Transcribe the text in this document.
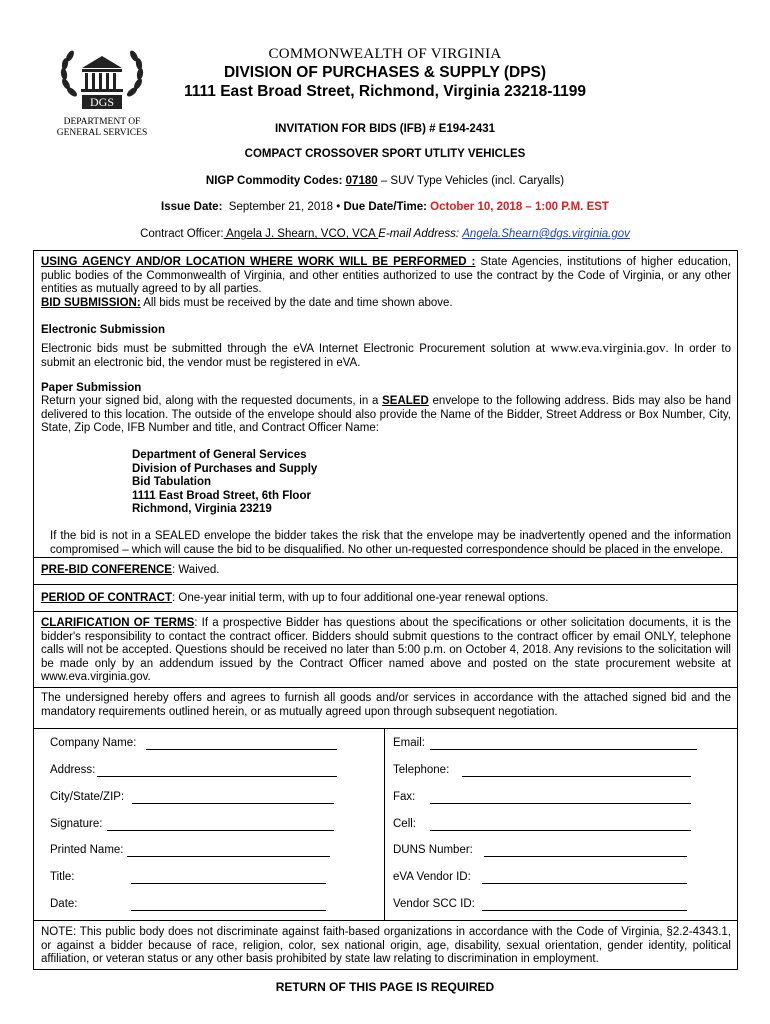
DGS
DEPARTMENT OF
GENERAL SERVICES
COMMONWEALTH OF VIRGINIA
DIVISION OF PURCHASES & SUPPLY (DPS)
1111 East Broad Street, Richmond, Virginia 23218-1199
INVITATION FOR BIDS (IFB) # E194-2431
COMPACT CROSSOVER SPORT UTLITY VEHICLES
NIGP Commodity Codes: 07180 – SUV Type Vehicles (incl. Caryalls)
Issue Date: September 21, 2018 • Due Date/Time: October 10, 2018 – 1:00 P.M. EST
Contract Officer: Angela J. Shearn, VCO, VCA E-mail Address: Angela.Shearn@dgs.virginia.gov
USING AGENCY AND/OR LOCATION WHERE WORK WILL BE PERFORMED : State Agencies, institutions of higher education, public bodies of the Commonwealth of Virginia, and other entities authorized to use the contract by the Code of Virginia, or any other entities as mutually agreed to by all parties.
BID SUBMISSION: All bids must be received by the date and time shown above.
Electronic Submission
Electronic bids must be submitted through the eVA Internet Electronic Procurement solution at www.eva.virginia.gov. In order to submit an electronic bid, the vendor must be registered in eVA.
Paper Submission
Return your signed bid, along with the requested documents, in a SEALED envelope to the following address. Bids may also be hand delivered to this location. The outside of the envelope should also provide the Name of the Bidder, Street Address or Box Number, City, State, Zip Code, IFB Number and title, and Contract Officer Name:
Department of General Services
Division of Purchases and Supply
Bid Tabulation
1111 East Broad Street, 6th Floor
Richmond, Virginia 23219
If the bid is not in a SEALED envelope the bidder takes the risk that the envelope may be inadvertently opened and the information compromised – which will cause the bid to be disqualified. No other un-requested correspondence should be placed in the envelope.
PRE-BID CONFERENCE: Waived.
PERIOD OF CONTRACT: One-year initial term, with up to four additional one-year renewal options.
CLARIFICATION OF TERMS: If a prospective Bidder has questions about the specifications or other solicitation documents, it is the bidder's responsibility to contact the contract officer. Bidders should submit questions to the contract officer by email ONLY, telephone calls will not be accepted. Questions should be received no later than 5:00 p.m. on October 4, 2018. Any revisions to the solicitation will be made only by an addendum issued by the Contract Officer named above and posted on the state procurement website at www.eva.virginia.gov.
The undersigned hereby offers and agrees to furnish all goods and/or services in accordance with the attached signed bid and the mandatory requirements outlined herein, or as mutually agreed upon through subsequent negotiation.
Company Name:
Address:
City/State/ZIP:
Signature:
Printed Name:
Title:
Date:
Email:
Telephone:
Fax:
Cell:
DUNS Number:
eVA Vendor ID:
Vendor SCC ID:
NOTE: This public body does not discriminate against faith-based organizations in accordance with the Code of Virginia, §2.2-4343.1, or against a bidder because of race, religion, color, sex national origin, age, disability, sexual orientation, gender identity, political affiliation, or veteran status or any other basis prohibited by state law relating to discrimination in employment.
RETURN OF THIS PAGE IS REQUIRED
